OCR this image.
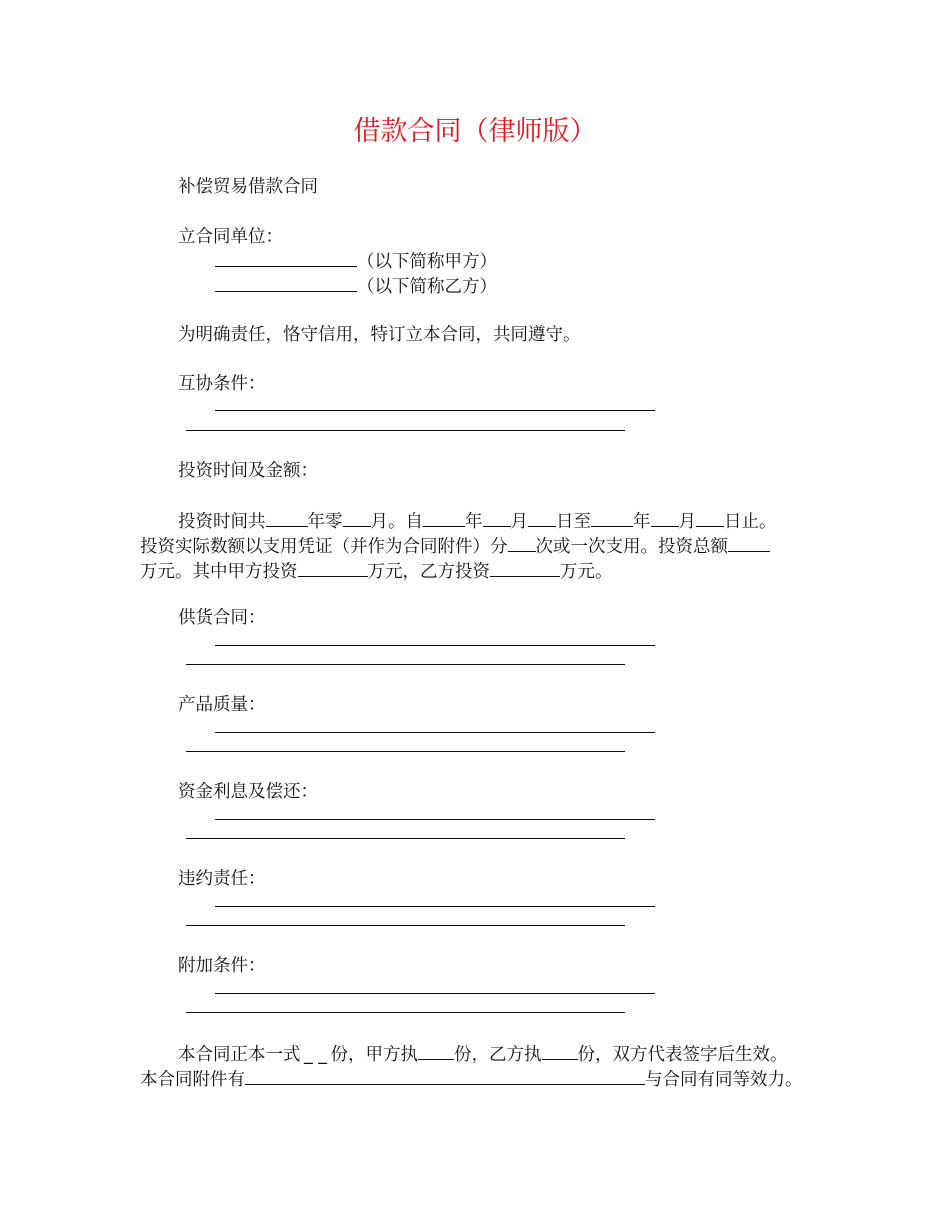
借款合同（律师版）
补偿贸易借款合同
立合同单位：
（以下简称甲方）
（以下简称乙方）
为明确责任，恪守信用，特订立本合同，共同遵守。
互协条件：
投资时间及金额：
投资时间共 年零 月。自 年 月 日至 年 月 日止。
投资实际数额以支用凭证（并作为合同附件）分 次或一次支用。投资总额
万元。其中甲方投资	万元，乙方投资	万元。
供货合同：
产品质量：
资金利息及偿还：
违约责任：
附加条件：
本合同正本一式 _ _ 份，甲方执 份，乙方执 份，双方代表签字后生效。
本合同附件有	与合同有同等效力。
